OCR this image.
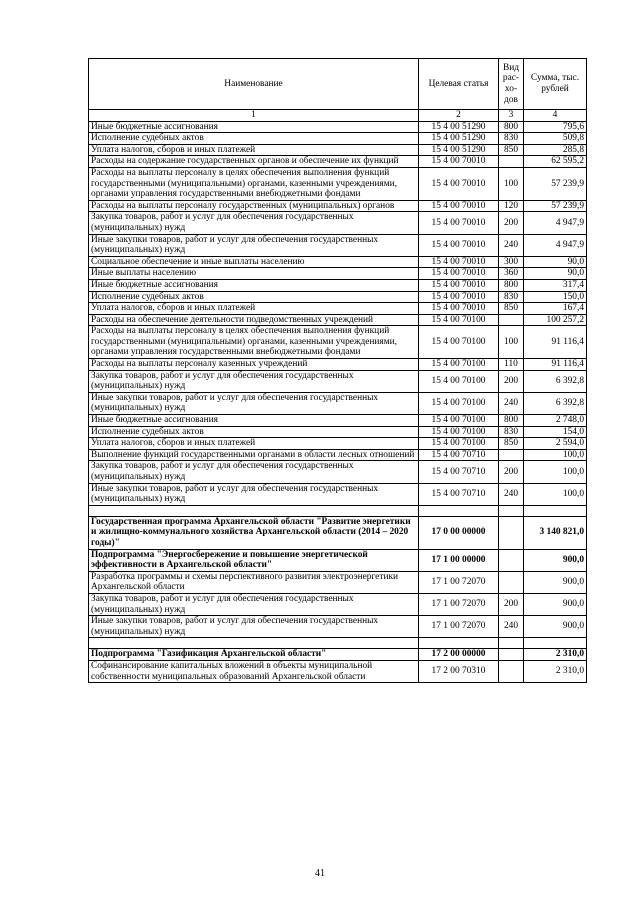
Наименование	Целевая статья	Вид рас-хо-дов	Сумма, тыс. рублей
1	2	3	4
Иные бюджетные ассигнования	15 4 00 51290	800	795,6
Исполнение судебных актов	15 4 00 51290	830	509,8
Уплата налогов, сборов и иных платежей	15 4 00 51290	850	285,8
Расходы на содержание государственных органов и обеспечение их функций	15 4 00 70010		62 595,2
Расходы на выплаты персоналу в целях обеспечения выполнения функций государственными (муниципальными) органами, казенными учреждениями, органами управления государственными внебюджетными фондами	15 4 00 70010	100	57 239,9
Расходы на выплаты персоналу государственных (муниципальных) органов	15 4 00 70010	120	57 239,9
Закупка товаров, работ и услуг для обеспечения государственных (муниципальных) нужд	15 4 00 70010	200	4 947,9
Иные закупки товаров, работ и услуг для обеспечения государственных (муниципальных) нужд	15 4 00 70010	240	4 947,9
Социальное обеспечение и иные выплаты населению	15 4 00 70010	300	90,0
Иные выплаты населению	15 4 00 70010	360	90,0
Иные бюджетные ассигнования	15 4 00 70010	800	317,4
Исполнение судебных актов	15 4 00 70010	830	150,0
Уплата налогов, сборов и иных платежей	15 4 00 70010	850	167,4
Расходы на обеспечение деятельности подведомственных учреждений	15 4 00 70100		100 257,2
Расходы на выплаты персоналу в целях обеспечения выполнения функций государственными (муниципальными) органами, казенными учреждениями, органами управления государственными внебюджетными фондами	15 4 00 70100	100	91 116,4
Расходы на выплаты персоналу казенных учреждений	15 4 00 70100	110	91 116,4
Закупка товаров, работ и услуг для обеспечения государственных (муниципальных) нужд	15 4 00 70100	200	6 392,8
Иные закупки товаров, работ и услуг для обеспечения государственных (муниципальных) нужд	15 4 00 70100	240	6 392,8
Иные бюджетные ассигнования	15 4 00 70100	800	2 748,0
Исполнение судебных актов	15 4 00 70100	830	154,0
Уплата налогов, сборов и иных платежей	15 4 00 70100	850	2 594,0
Выполнение функций государственными органами в области лесных отношений	15 4 00 70710		100,0
Закупка товаров, работ и услуг для обеспечения государственных (муниципальных) нужд	15 4 00 70710	200	100,0
Иные закупки товаров, работ и услуг для обеспечения государственных (муниципальных) нужд	15 4 00 70710	240	100,0

Государственная программа Архангельской области "Развитие энергетики и жилищно-коммунального хозяйства Архангельской области (2014 – 2020 годы)"	17 0 00 00000		3 140 821,0
Подпрограмма "Энергосбережение и повышение энергетической эффективности в Архангельской области"	17 1 00 00000		900,0
Разработка программы и схемы перспективного развития электроэнергетики Архангельской области	17 1 00 72070		900,0
Закупка товаров, работ и услуг для обеспечения государственных (муниципальных) нужд	17 1 00 72070	200	900,0
Иные закупки товаров, работ и услуг для обеспечения государственных (муниципальных) нужд	17 1 00 72070	240	900,0

Подпрограмма "Газификация Архангельской области"	17 2 00 00000		2 310,0
Софинансирование капитальных вложений в объекты муниципальной собственности муниципальных образований Архангельской области	17 2 00 70310		2 310,0
41
